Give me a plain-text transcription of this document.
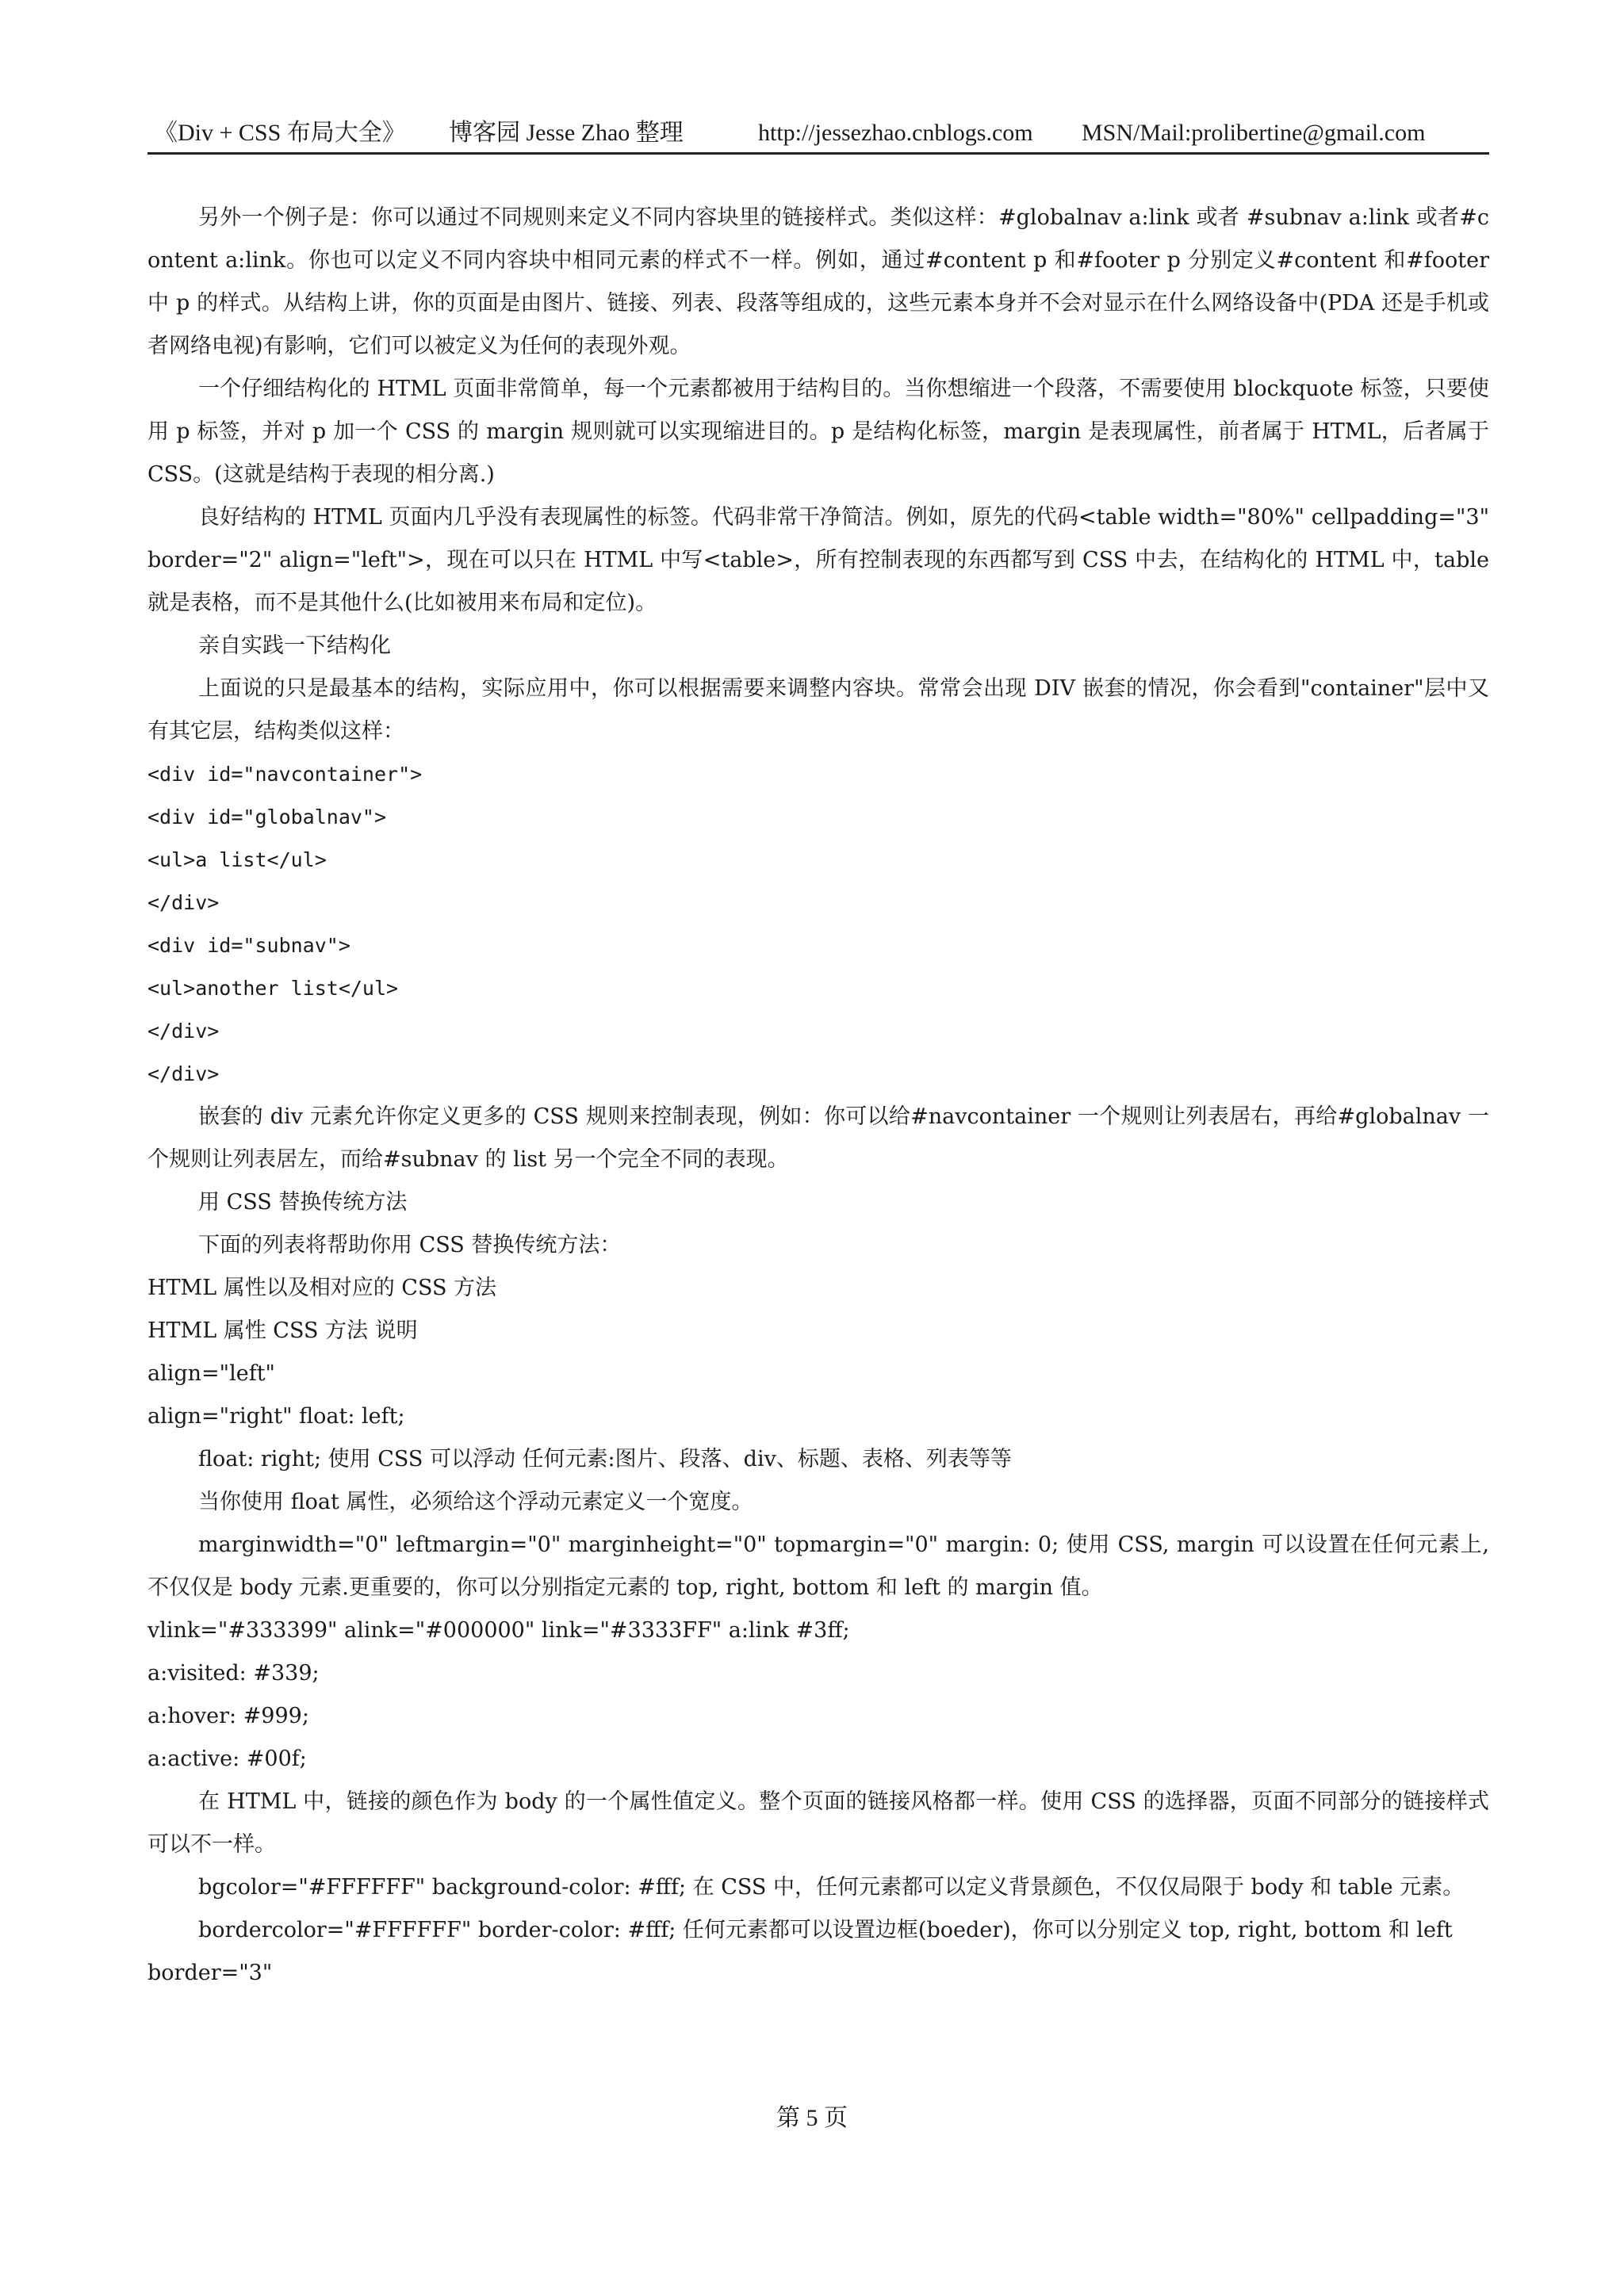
《Div + CSS 布局大全》 博客园 Jesse Zhao 整理	http://jessezhao.cnblogs.com MSN/Mail:prolibertine@gmail.com

另外一个例子是：你可以通过不同规则来定义不同内容块里的链接样式。类似这样：#globalnav a:link 或者 #subnav a:link 或者#content a:link。你也可以定义不同内容块中相同元素的样式不一样。例如，通过#content p 和#footer p 分别定义#content 和#footer 中 p 的样式。从结构上讲，你的页面是由图片、链接、列表、段落等组成的，这些元素本身并不会对显示在什么网络设备中(PDA 还是手机或者网络电视)有影响，它们可以被定义为任何的表现外观。

一个仔细结构化的 HTML 页面非常简单，每一个元素都被用于结构目的。当你想缩进一个段落，不需要使用 blockquote 标签，只要使用 p 标签，并对 p 加一个 CSS 的 margin 规则就可以实现缩进目的。p 是结构化标签，margin 是表现属性，前者属于 HTML，后者属于 CSS。(这就是结构于表现的相分离.)

良好结构的 HTML 页面内几乎没有表现属性的标签。代码非常干净简洁。例如，原先的代码<table width="80%" cellpadding="3" border="2" align="left">，现在可以只在 HTML 中写<table>，所有控制表现的东西都写到 CSS 中去，在结构化的 HTML 中，table 就是表格，而不是其他什么(比如被用来布局和定位)。

亲自实践一下结构化

上面说的只是最基本的结构，实际应用中，你可以根据需要来调整内容块。常常会出现 DIV 嵌套的情况，你会看到"container"层中又有其它层，结构类似这样：

<div id="navcontainer">

<div id="globalnav">

<ul>a list</ul>

</div>

<div id="subnav">

<ul>another list</ul>

</div>

</div>

嵌套的 div 元素允许你定义更多的 CSS 规则来控制表现，例如：你可以给#navcontainer 一个规则让列表居右，再给#globalnav 一个规则让列表居左，而给#subnav 的 list 另一个完全不同的表现。

用 CSS 替换传统方法

下面的列表将帮助你用 CSS 替换传统方法：

HTML 属性以及相对应的 CSS 方法

HTML 属性 CSS 方法 说明

align="left"

align="right" float: left;

float: right; 使用 CSS 可以浮动 任何元素:图片、段落、div、标题、表格、列表等等

当你使用 float 属性，必须给这个浮动元素定义一个宽度。

marginwidth="0" leftmargin="0" marginheight="0" topmargin="0" margin: 0; 使用 CSS, margin 可以设置在任何元素上, 不仅仅是 body 元素.更重要的，你可以分别指定元素的 top, right, bottom 和 left 的 margin 值。

vlink="#333399" alink="#000000" link="#3333FF" a:link #3ff;

a:visited: #339;

a:hover: #999;

a:active: #00f;

在 HTML 中，链接的颜色作为 body 的一个属性值定义。整个页面的链接风格都一样。使用 CSS 的选择器，页面不同部分的链接样式可以不一样。

bgcolor="#FFFFFF" background-color: #fff; 在 CSS 中，任何元素都可以定义背景颜色，不仅仅局限于 body 和 table 元素。

bordercolor="#FFFFFF" border-color: #fff; 任何元素都可以设置边框(boeder)，你可以分别定义 top, right, bottom 和 left

border="3"

第 5 页
